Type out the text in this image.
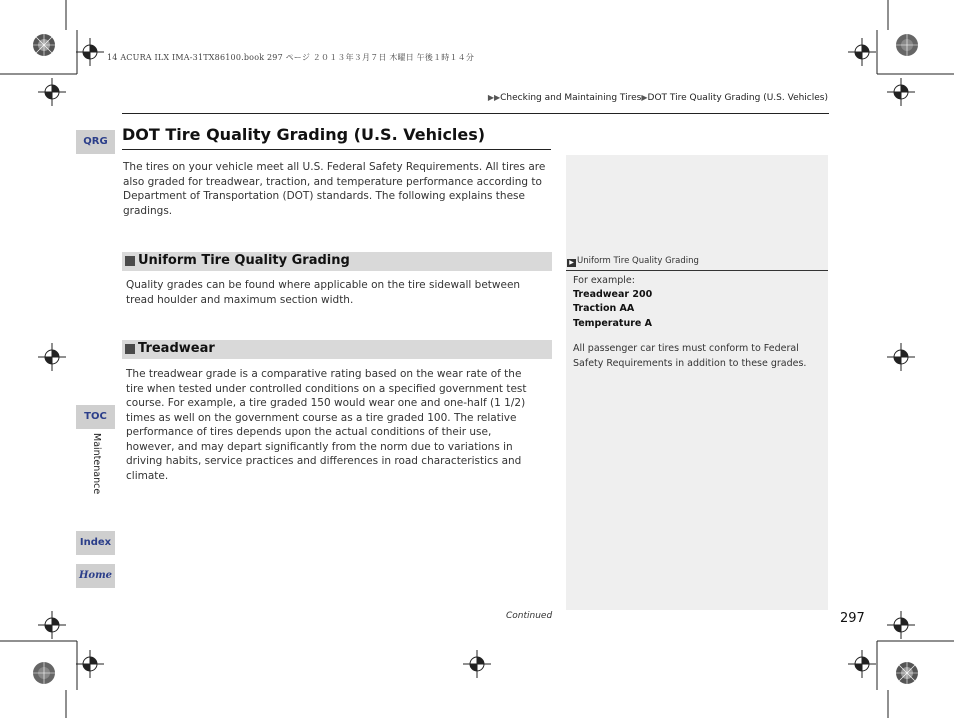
14 ACURA ILX IMA-31TX86100.book 297 ページ ２０１３年３月７日 木曜日 午後１時１４分
▶▶Checking and Maintaining Tires▶DOT Tire Quality Grading (U.S. Vehicles)
DOT Tire Quality Grading (U.S. Vehicles)
The tires on your vehicle meet all U.S. Federal Safety Requirements. All tires are also graded for treadwear, traction, and temperature performance according to Department of Transportation (DOT) standards. The following explains these gradings.
Uniform Tire Quality Grading
Quality grades can be found where applicable on the tire sidewall between tread houlder and maximum section width.
Treadwear
The treadwear grade is a comparative rating based on the wear rate of the tire when tested under controlled conditions on a specified government test course. For example, a tire graded 150 would wear one and one-half (1 1/2) times as well on the government course as a tire graded 100. The relative performance of tires depends upon the actual conditions of their use, however, and may depart significantly from the norm due to variations in driving habits, service practices and differences in road characteristics and climate.
▶ Uniform Tire Quality Grading
For example:
Treadwear 200
Traction AA
Temperature A
All passenger car tires must conform to Federal Safety Requirements in addition to these grades.
QRG
TOC
Maintenance
Index
Home
Continued	297
